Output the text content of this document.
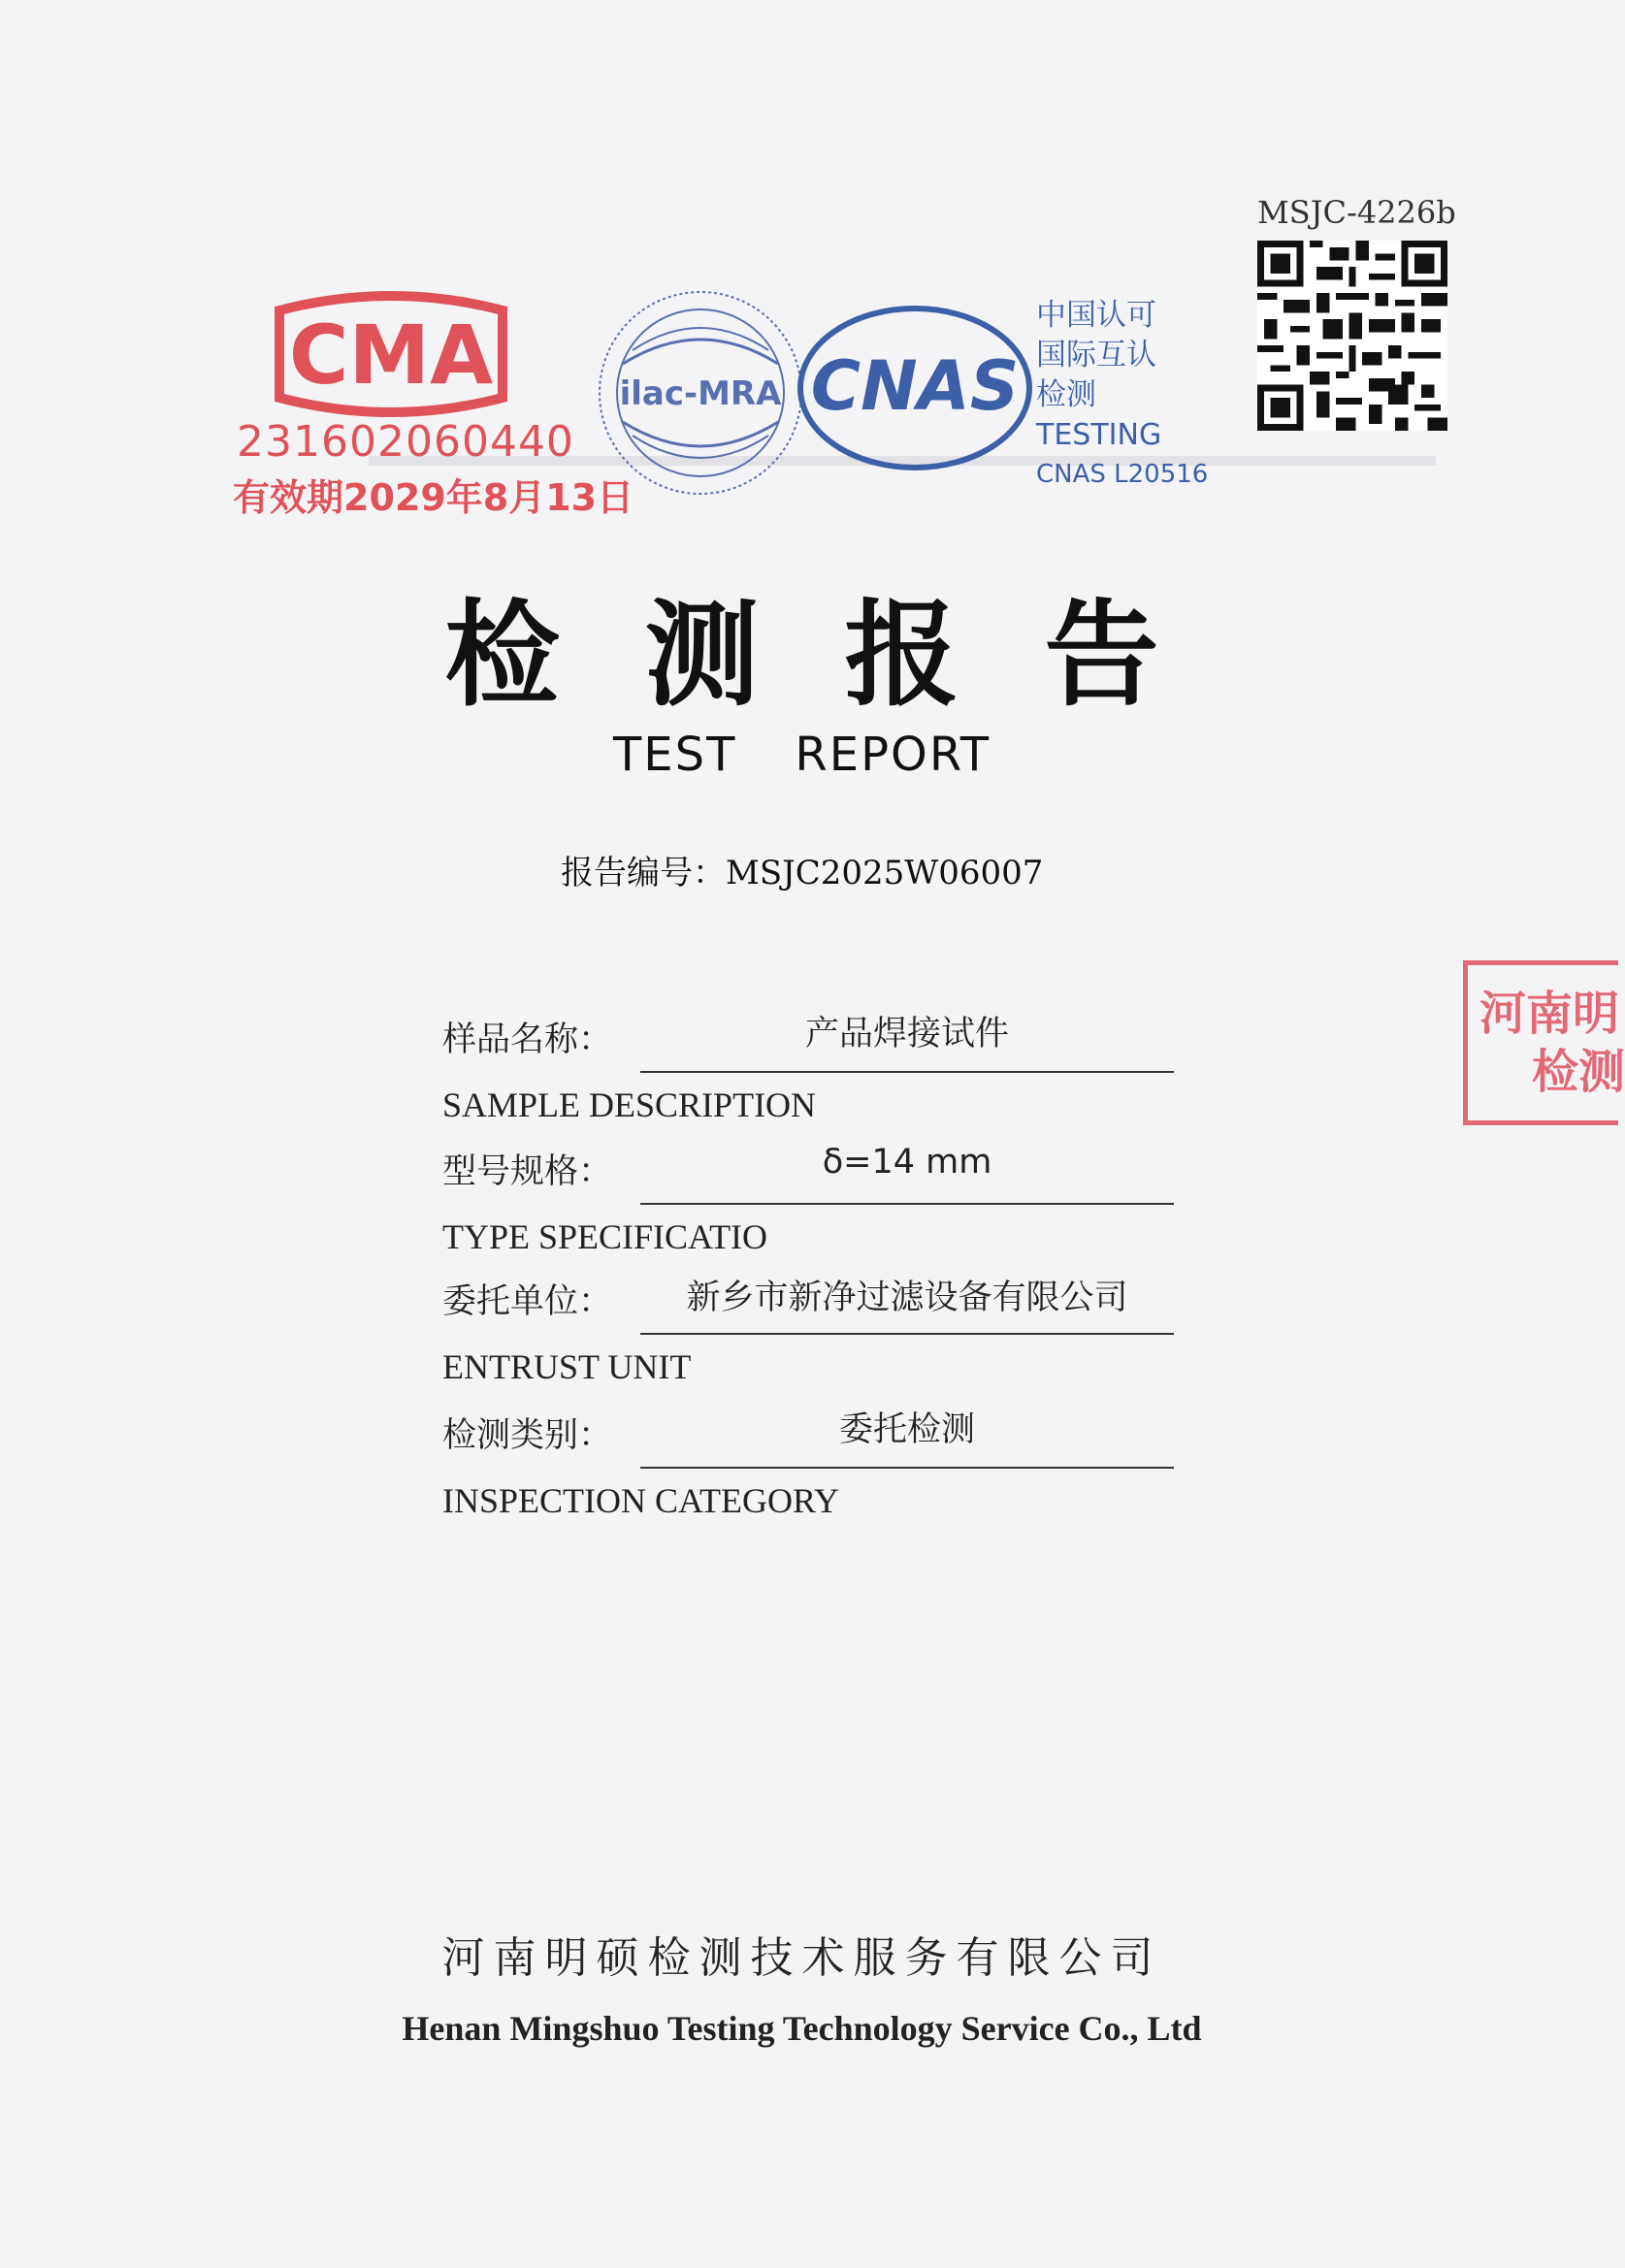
CMA
231602060440
有效期2029年8月13日
ilac-MRA CNAS
中国认可
国际互认
检测
TESTING
CNAS L20516
MSJC-4226b
检测报告
TEST REPORT
报告编号：MSJC2025W06007
样品名称：	产品焊接试件
SAMPLE DESCRIPTION
型号规格：	δ=14 mm
TYPE SPECIFICATIO
委托单位：	新乡市新净过滤设备有限公司
ENTRUST UNIT
检测类别：	委托检测
INSPECTION CATEGORY
河南明
检测
河南明硕检测技术服务有限公司
Henan Mingshuo Testing Technology Service Co., Ltd
